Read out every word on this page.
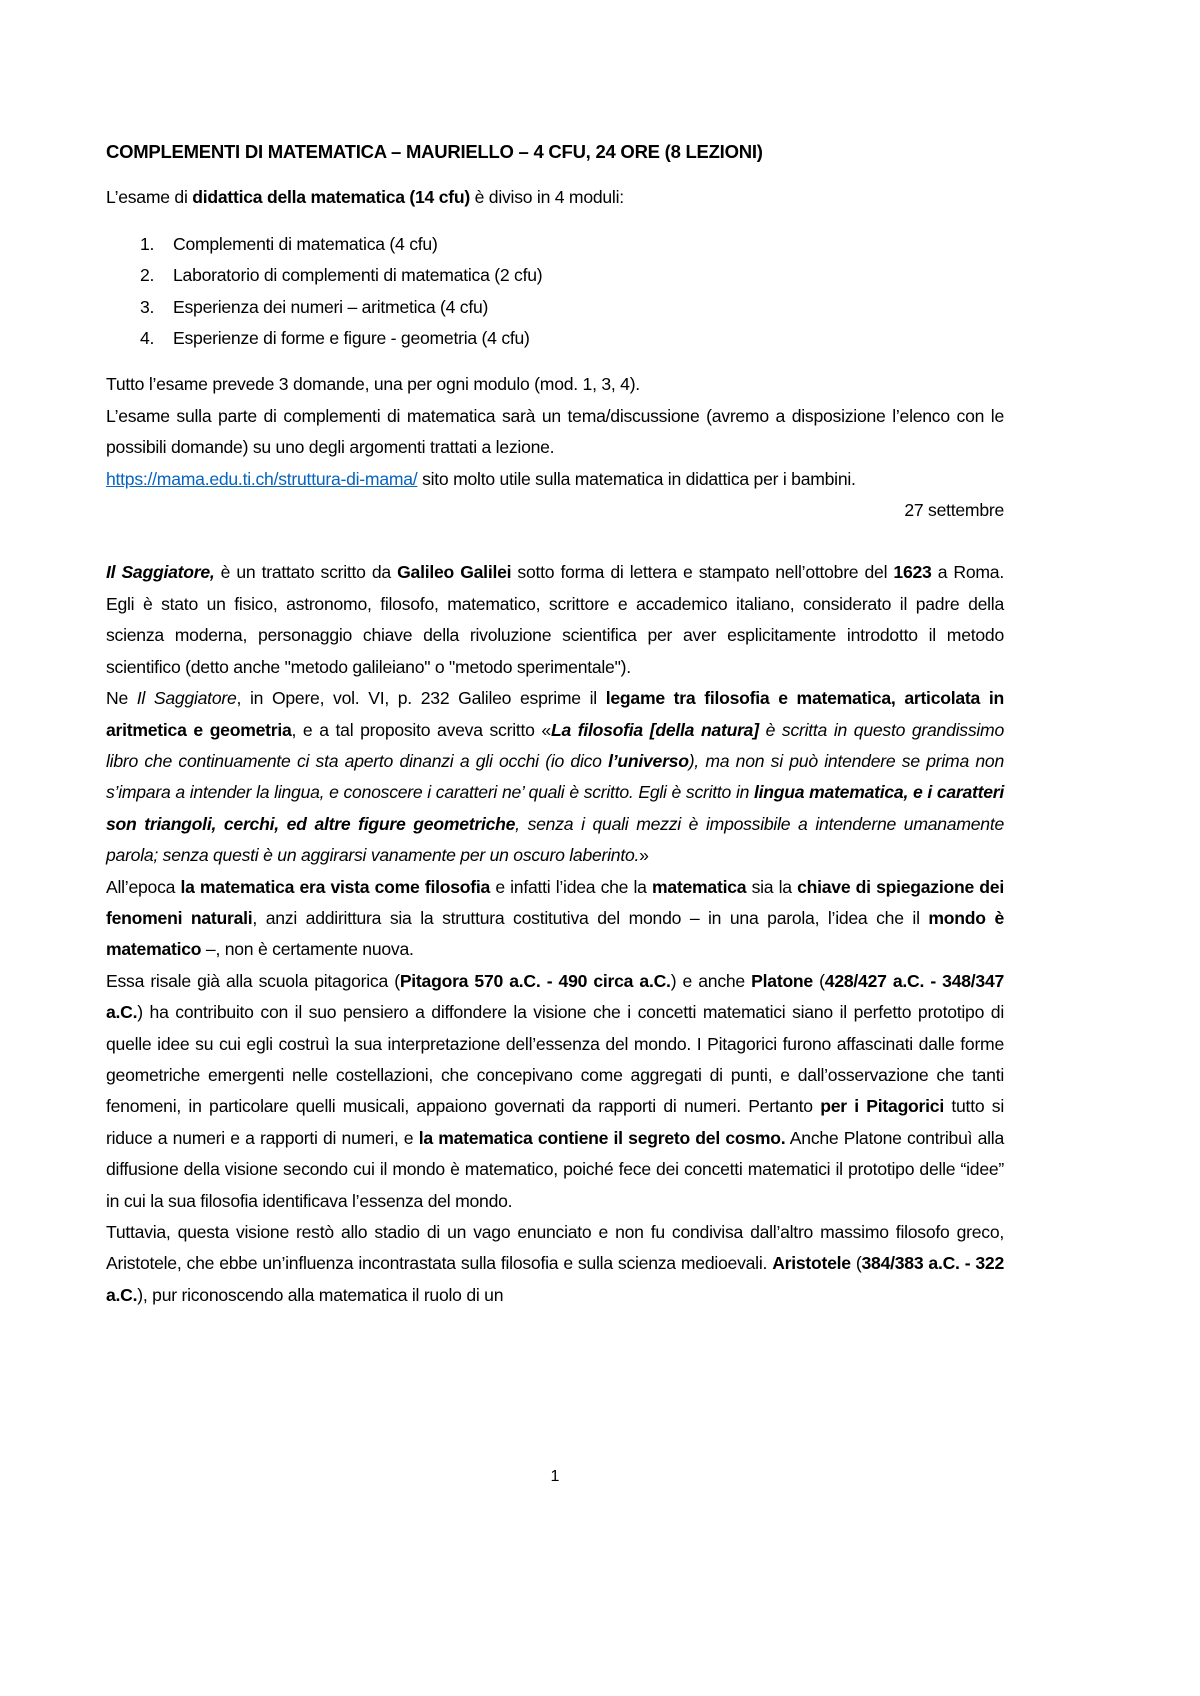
COMPLEMENTI DI MATEMATICA – MAURIELLO – 4 CFU, 24 ORE (8 LEZIONI)

L’esame di didattica della matematica (14 cfu) è diviso in 4 moduli:

1. Complementi di matematica (4 cfu)
2. Laboratorio di complementi di matematica (2 cfu)
3. Esperienza dei numeri – aritmetica (4 cfu)
4. Esperienze di forme e figure - geometria (4 cfu)

Tutto l’esame prevede 3 domande, una per ogni modulo (mod. 1, 3, 4).

L’esame sulla parte di complementi di matematica sarà un tema/discussione (avremo a disposizione l’elenco con le possibili domande) su uno degli argomenti trattati a lezione.

https://mama.edu.ti.ch/struttura-di-mama/ sito molto utile sulla matematica in didattica per i bambini.

27 settembre

Il Saggiatore, è un trattato scritto da Galileo Galilei sotto forma di lettera e stampato nell’ottobre del 1623 a Roma. Egli è stato un fisico, astronomo, filosofo, matematico, scrittore e accademico italiano, considerato il padre della scienza moderna, personaggio chiave della rivoluzione scientifica per aver esplicitamente introdotto il metodo scientifico (detto anche "metodo galileiano" o "metodo sperimentale").

Ne Il Saggiatore, in Opere, vol. VI, p. 232 Galileo esprime il legame tra filosofia e matematica, articolata in aritmetica e geometria, e a tal proposito aveva scritto «La filosofia [della natura] è scritta in questo grandissimo libro che continuamente ci sta aperto dinanzi a gli occhi (io dico l’universo), ma non si può intendere se prima non s’impara a intender la lingua, e conoscere i caratteri ne’ quali è scritto. Egli è scritto in lingua matematica, e i caratteri son triangoli, cerchi, ed altre figure geometriche, senza i quali mezzi è impossibile a intenderne umanamente parola; senza questi è un aggirarsi vanamente per un oscuro laberinto.»

All’epoca la matematica era vista come filosofia e infatti l’idea che la matematica sia la chiave di spiegazione dei fenomeni naturali, anzi addirittura sia la struttura costitutiva del mondo – in una parola, l’idea che il mondo è matematico –, non è certamente nuova.

Essa risale già alla scuola pitagorica (Pitagora 570 a.C. - 490 circa a.C.) e anche Platone (428/427 a.C. - 348/347 a.C.) ha contribuito con il suo pensiero a diffondere la visione che i concetti matematici siano il perfetto prototipo di quelle idee su cui egli costruì la sua interpretazione dell’essenza del mondo. I Pitagorici furono affascinati dalle forme geometriche emergenti nelle costellazioni, che concepivano come aggregati di punti, e dall’osservazione che tanti fenomeni, in particolare quelli musicali, appaiono governati da rapporti di numeri. Pertanto per i Pitagorici tutto si riduce a numeri e a rapporti di numeri, e la matematica contiene il segreto del cosmo. Anche Platone contribuì alla diffusione della visione secondo cui il mondo è matematico, poiché fece dei concetti matematici il prototipo delle “idee” in cui la sua filosofia identificava l’essenza del mondo.

Tuttavia, questa visione restò allo stadio di un vago enunciato e non fu condivisa dall’altro massimo filosofo greco, Aristotele, che ebbe un’influenza incontrastata sulla filosofia e sulla scienza medioevali. Aristotele (384/383 a.C. - 322 a.C.), pur riconoscendo alla matematica il ruolo di un

1
